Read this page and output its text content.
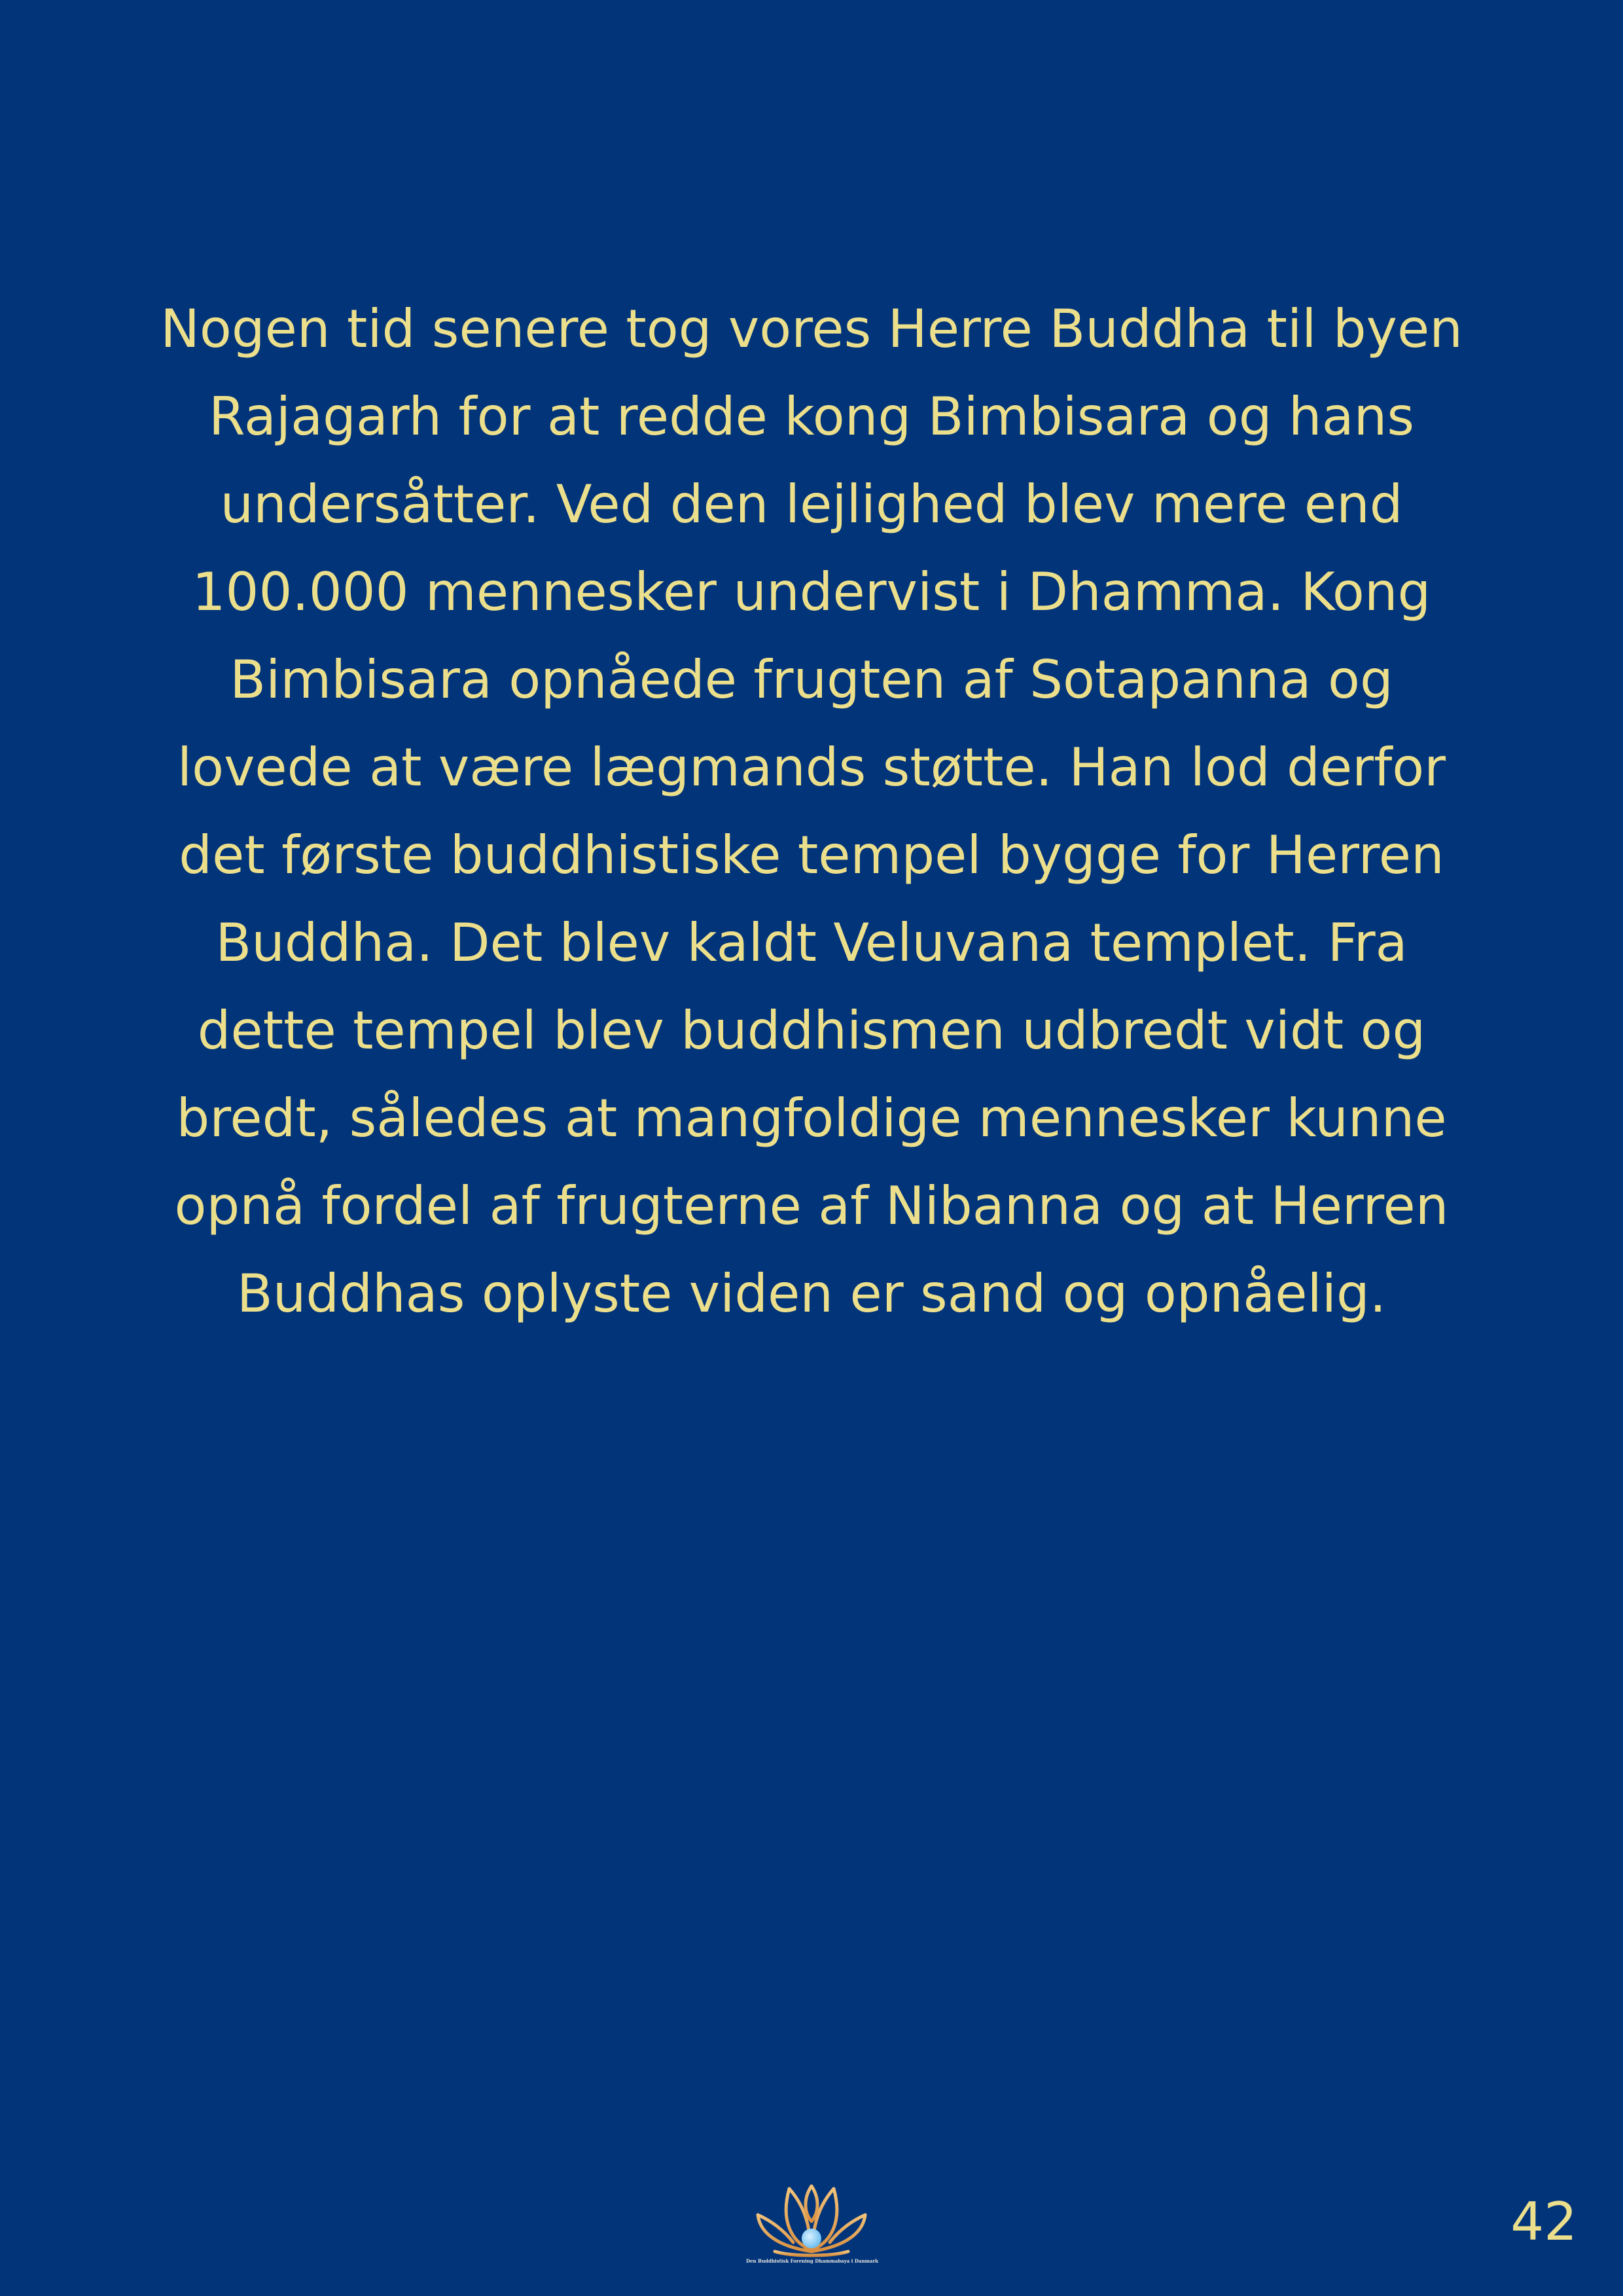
Nogen tid senere tog vores Herre Buddha til byen
Rajagarh for at redde kong Bimbisara og hans
undersåtter. Ved den lejlighed blev mere end
100.000 mennesker undervist i Dhamma. Kong
Bimbisara opnåede frugten af Sotapanna og
lovede at være lægmands støtte. Han lod derfor
det første buddhistiske tempel bygge for Herren
Buddha. Det blev kaldt Veluvana templet. Fra
dette tempel blev buddhismen udbredt vidt og
bredt, således at mangfoldige mennesker kunne
opnå fordel af frugterne af Nibanna og at Herren
Buddhas oplyste viden er sand og opnåelig.

Den Buddhistisk Forening Dhammabaya i Danmark
42
